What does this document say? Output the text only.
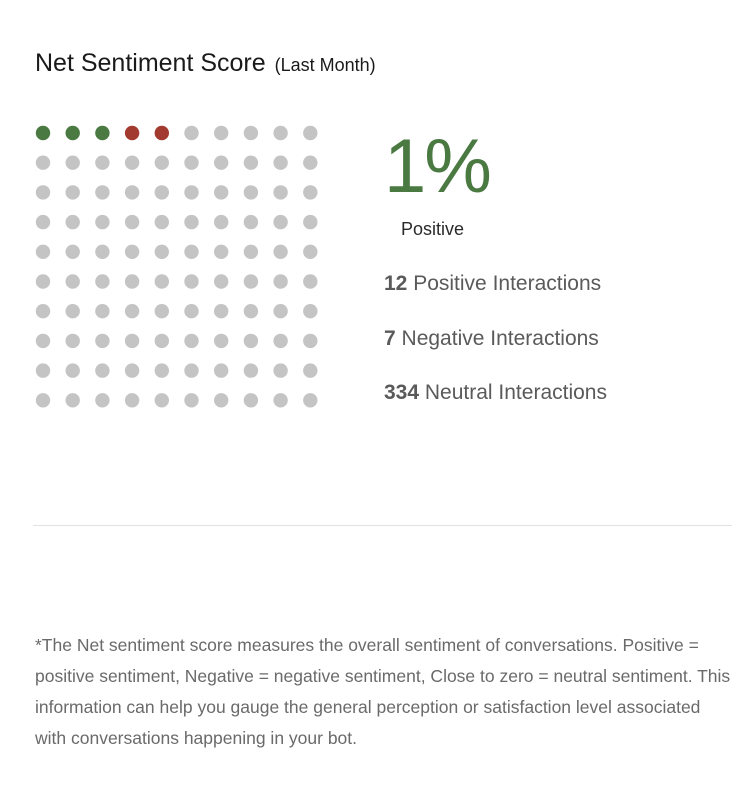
Net Sentiment Score (Last Month)
1%
Positive
12 Positive Interactions
7 Negative Interactions
334 Neutral Interactions
*The Net sentiment score measures the overall sentiment of conversations. Positive = positive sentiment, Negative = negative sentiment, Close to zero = neutral sentiment. This information can help you gauge the general perception or satisfaction level associated with conversations happening in your bot.
